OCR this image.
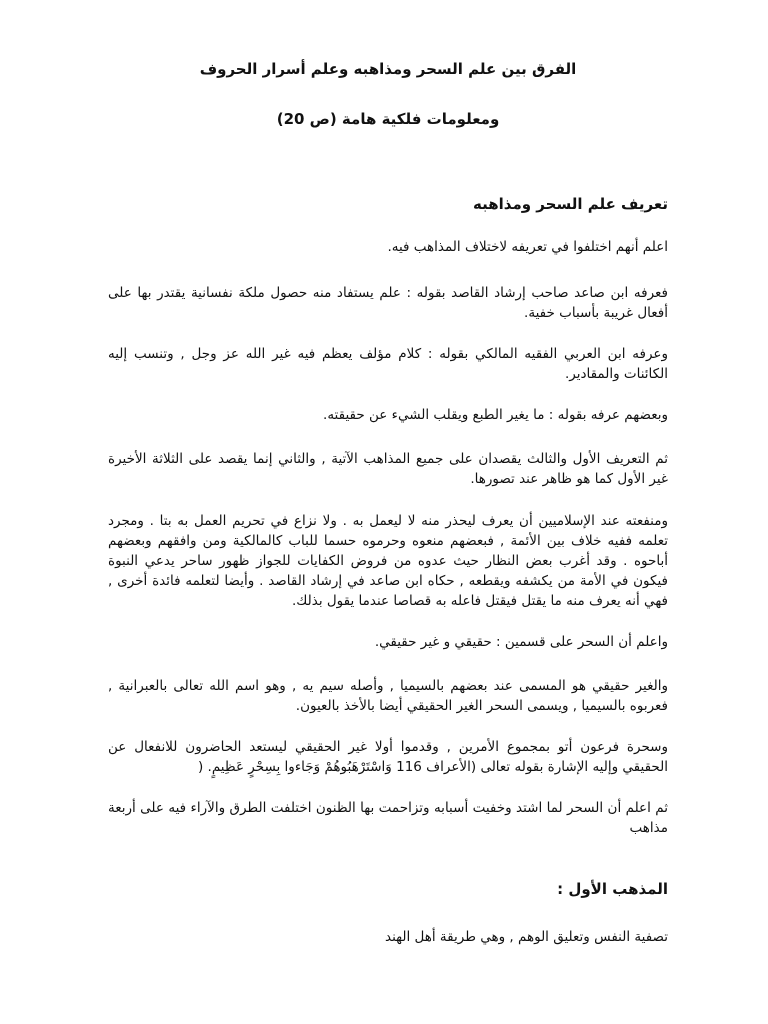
الفرق بين علم السحر ومذاهبه وعلم أسرار الحروف
ومعلومات فلكية هامة (ص 20)
تعريف علم السحر ومذاهبه

اعلم أنهم اختلفوا في تعريفه لاختلاف المذاهب فيه.

فعرفه ابن صاعد صاحب إرشاد القاصد بقوله : علم يستفاد منه حصول ملكة نفسانية يقتدر بها على أفعال غريبة بأسباب خفية.

وعرفه ابن العربي الفقيه المالكي بقوله : كلام مؤلف يعظم فيه غير الله عز وجل , وتنسب إليه الكائنات والمقادير.

وبعضهم عرفه بقوله : ما يغير الطبع ويقلب الشيء عن حقيقته.

ثم التعريف الأول والثالث يقصدان على جميع المذاهب الآتية , والثاني إنما يقصد على الثلاثة الأخيرة غير الأول كما هو ظاهر عند تصورها.

ومنفعته عند الإسلاميين أن يعرف ليحذر منه لا ليعمل به . ولا نزاع في تحريم العمل به بتا . ومجرد تعلمه ففيه خلاف بين الأئمة , فبعضهم منعوه وحرموه حسما للباب كالمالكية ومن وافقهم وبعضهم أباحوه . وقد أغرب بعض النظار حيث عدوه من فروض الكفايات للجواز ظهور ساحر يدعي النبوة فيكون في الأمة من يكشفه ويقطعه , حكاه ابن صاعد في إرشاد القاصد . وأيضا لتعلمه فائدة أخرى , فهي أنه يعرف منه ما يقتل فيقتل فاعله به قصاصا عندما يقول بذلك.

واعلم أن السحر على قسمين : حقيقي و غير حقيقي.

والغير حقيقي هو المسمى عند بعضهم بالسيميا , وأصله سيم يه , وهو اسم الله تعالى بالعبرانية , فعربوه بالسيميا , ويسمى السحر الغير الحقيقي أيضا بالأخذ بالعيون.

وسحرة فرعون أتو بمجموع الأمرين , وقدموا أولا غير الحقيقي ليستعد الحاضرون للانفعال عن الحقيقي وإليه الإشارة بقوله تعالى (الأعراف 116 وَاسْتَرْهَبُوهُمْ وَجَاءوا بِسِحْرٍ عَظِيمٍ. (

ثم اعلم أن السحر لما اشتد وخفيت أسبابه وتزاحمت بها الظنون اختلفت الطرق والآراء فيه على أربعة مذاهب

المذهب الأول :

تصفية النفس وتعليق الوهم , وهي طريقة أهل الهند
